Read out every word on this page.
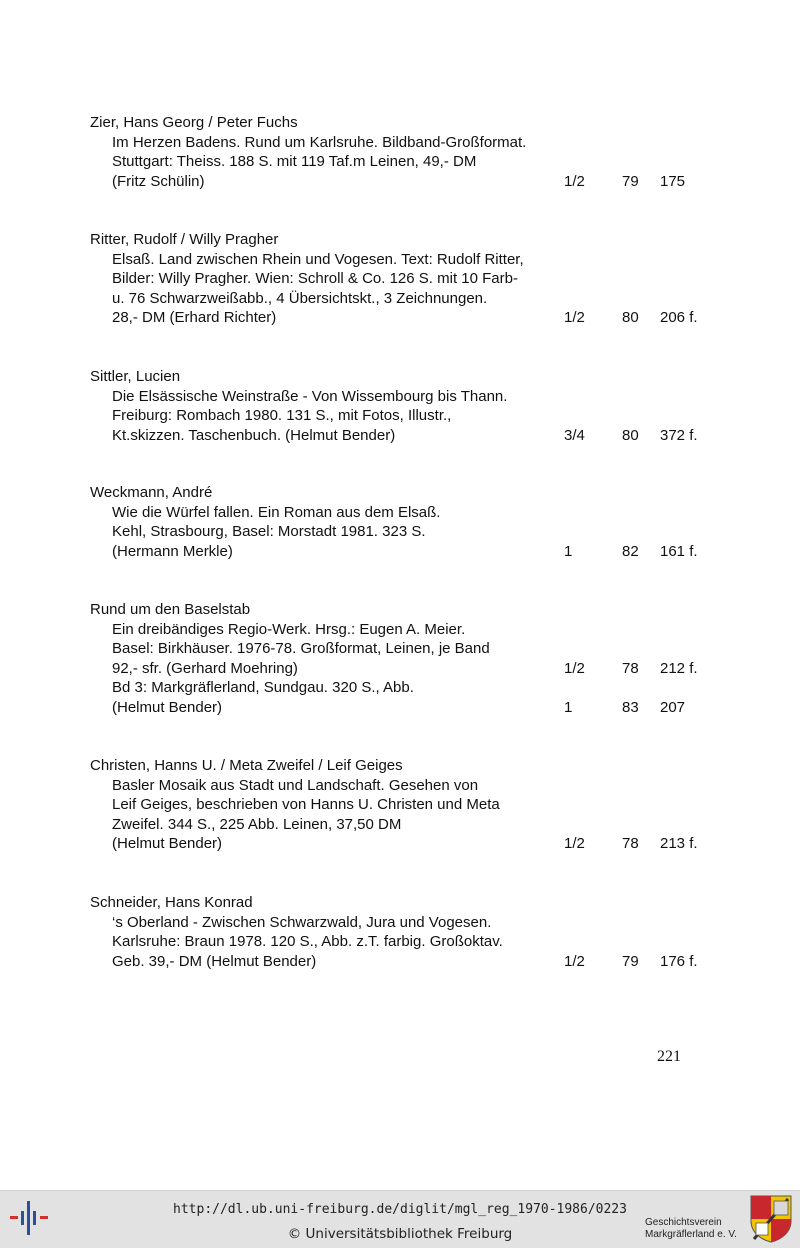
Zier, Hans Georg / Peter Fuchs
Im Herzen Badens. Rund um Karlsruhe. Bildband-Großformat.
Stuttgart: Theiss. 188 S. mit 119 Taf.m Leinen, 49,- DM
(Fritz Schülin)	1/2 79 175
Ritter, Rudolf / Willy Pragher
Elsaß. Land zwischen Rhein und Vogesen. Text: Rudolf Ritter,
Bilder: Willy Pragher. Wien: Schroll & Co. 126 S. mit 10 Farb-
u. 76 Schwarzweißabb., 4 Übersichtskt., 3 Zeichnungen.
28,- DM (Erhard Richter)	1/2 80 206 f.
Sittler, Lucien
Die Elsässische Weinstraße - Von Wissembourg bis Thann.
Freiburg: Rombach 1980. 131 S., mit Fotos, Illustr.,
Kt.skizzen. Taschenbuch. (Helmut Bender)	3/4 80 372 f.
Weckmann, André
Wie die Würfel fallen. Ein Roman aus dem Elsaß.
Kehl, Strasbourg, Basel: Morstadt 1981. 323 S.
(Hermann Merkle)	1	82 161 f.
Rund um den Baselstab
Ein dreibändiges Regio-Werk. Hrsg.: Eugen A. Meier.
Basel: Birkhäuser. 1976-78. Großformat, Leinen, je Band
92,- sfr. (Gerhard Moehring)	1/2 78 212 f.
Bd 3: Markgräflerland, Sundgau. 320 S., Abb.
(Helmut Bender)	1	83 207
Christen, Hanns U. / Meta Zweifel / Leif Geiges
Basler Mosaik aus Stadt und Landschaft. Gesehen von
Leif Geiges, beschrieben von Hanns U. Christen und Meta
Zweifel. 344 S., 225 Abb. Leinen, 37,50 DM
(Helmut Bender)	1/2 78 213 f.
Schneider, Hans Konrad
‘s Oberland - Zwischen Schwarzwald, Jura und Vogesen.
Karlsruhe: Braun 1978. 120 S., Abb. z.T. farbig. Großoktav.
Geb. 39,- DM (Helmut Bender)	1/2 79 176 f.
221
http://dl.ub.uni-freiburg.de/diglit/mgl_reg_1970-1986/0223
© Universitätsbibliothek Freiburg
Geschichtsverein
Markgräflerland e. V.
